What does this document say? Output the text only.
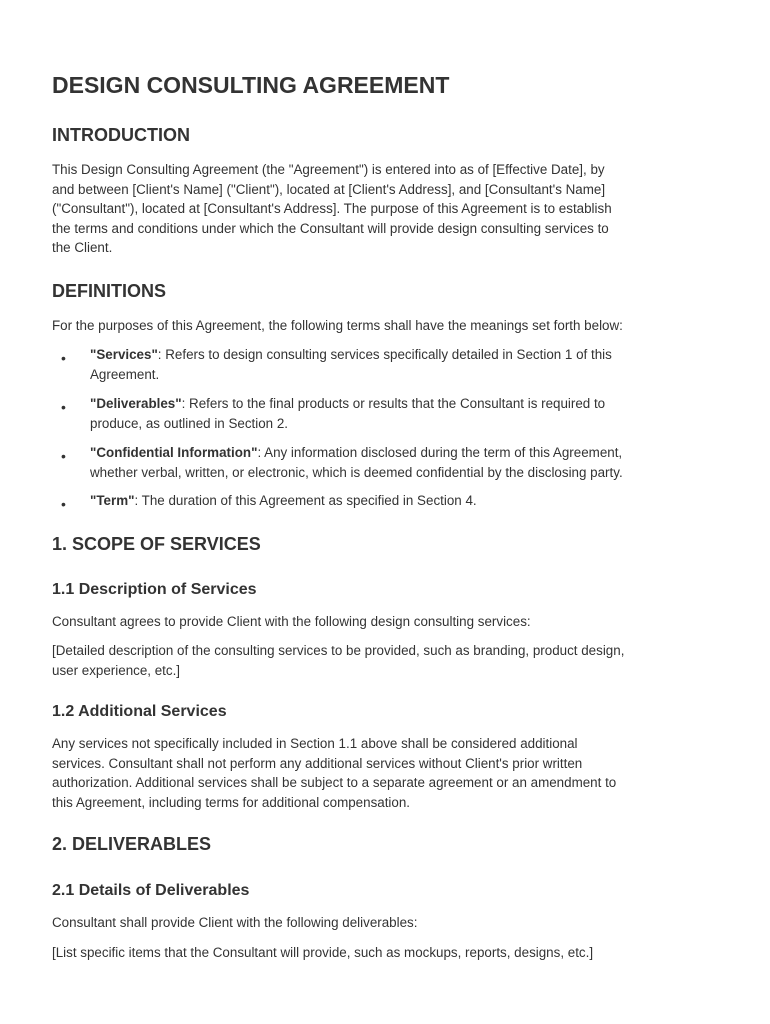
DESIGN CONSULTING AGREEMENT
INTRODUCTION

This Design Consulting Agreement (the "Agreement") is entered into as of [Effective Date], by
and between [Client's Name] ("Client"), located at [Client's Address], and [Consultant's Name]
("Consultant"), located at [Consultant's Address]. The purpose of this Agreement is to establish
the terms and conditions under which the Consultant will provide design consulting services to
the Client.

DEFINITIONS

For the purposes of this Agreement, the following terms shall have the meanings set forth below:

• "Services": Refers to design consulting services specifically detailed in Section 1 of this
Agreement.
• "Deliverables": Refers to the final products or results that the Consultant is required to
produce, as outlined in Section 2.
• "Confidential Information": Any information disclosed during the term of this Agreement,
whether verbal, written, or electronic, which is deemed confidential by the disclosing party.
• "Term": The duration of this Agreement as specified in Section 4.
1. SCOPE OF SERVICES
1.1 Description of Services

Consultant agrees to provide Client with the following design consulting services:

[Detailed description of the consulting services to be provided, such as branding, product design,
user experience, etc.]

1.2 Additional Services

Any services not specifically included in Section 1.1 above shall be considered additional
services. Consultant shall not perform any additional services without Client's prior written
authorization. Additional services shall be subject to a separate agreement or an amendment to
this Agreement, including terms for additional compensation.

2. DELIVERABLES
2.1 Details of Deliverables

Consultant shall provide Client with the following deliverables:

[List specific items that the Consultant will provide, such as mockups, reports, designs, etc.]
